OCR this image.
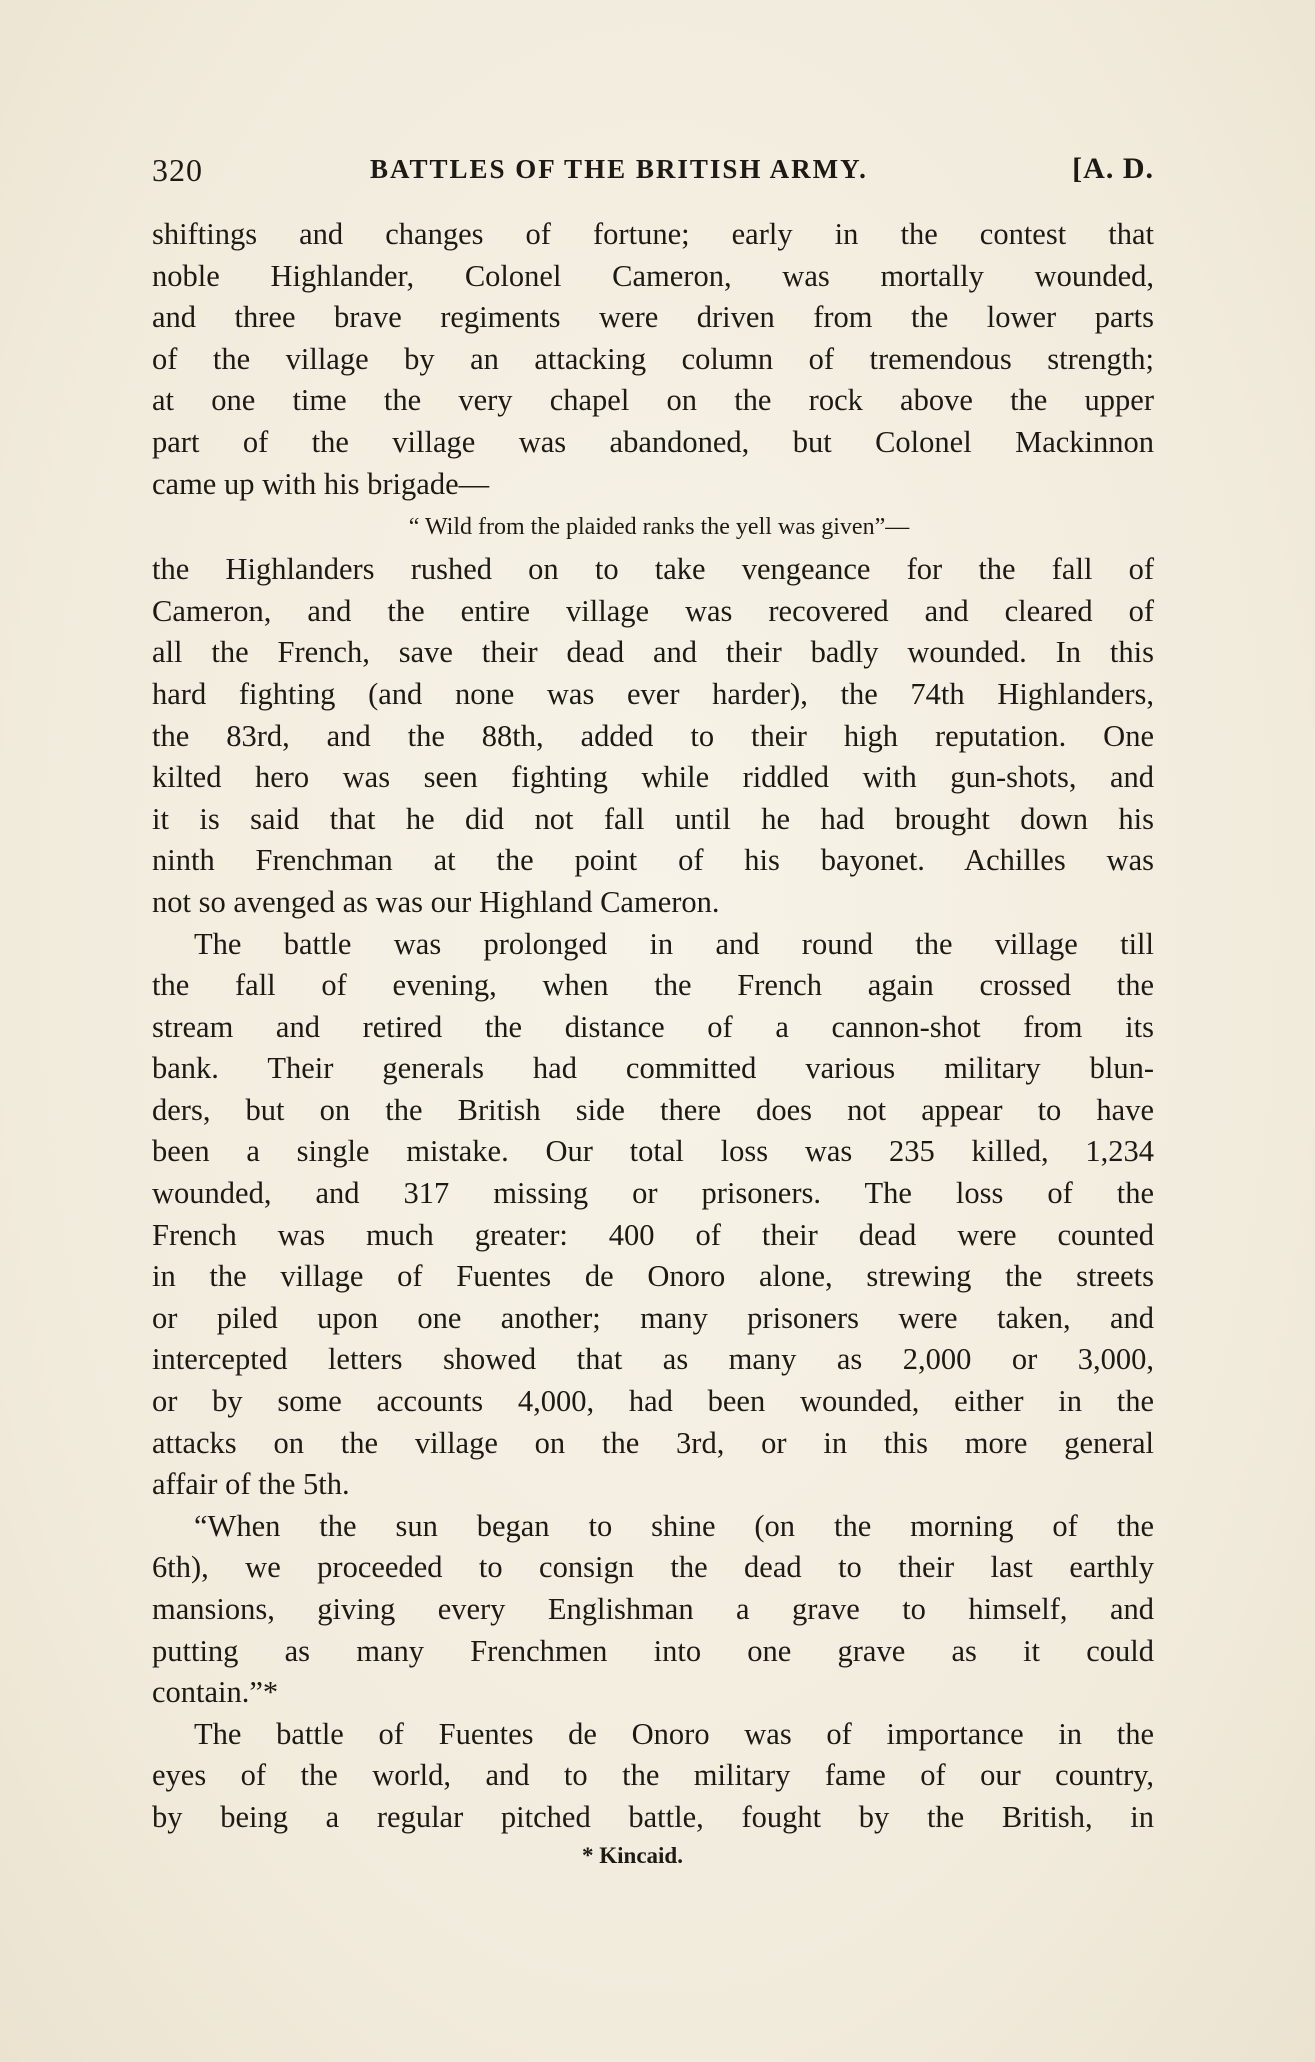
320	BATTLES OF THE BRITISH ARMY.	[A. D.
shiftings and changes of fortune; early in the contest that
noble Highlander, Colonel Cameron, was mortally wounded,
and three brave regiments were driven from the lower parts
of the village by an attacking column of tremendous strength;
at one time the very chapel on the rock above the upper
part of the village was abandoned, but Colonel Mackinnon
came up with his brigade—
“ Wild from the plaided ranks the yell was given”—
the Highlanders rushed on to take vengeance for the fall of
Cameron, and the entire village was recovered and cleared of
all the French, save their dead and their badly wounded. In this
hard fighting (and none was ever harder), the 74th Highlanders,
the 83rd, and the 88th, added to their high reputation. One
kilted hero was seen fighting while riddled with gun-shots, and
it is said that he did not fall until he had brought down his
ninth Frenchman at the point of his bayonet. Achilles was
not so avenged as was our Highland Cameron.
The battle was prolonged in and round the village till
the fall of evening, when the French again crossed the
stream and retired the distance of a cannon-shot from its
bank. Their generals had committed various military blun-
ders, but on the British side there does not appear to have
been a single mistake. Our total loss was 235 killed, 1,234
wounded, and 317 missing or prisoners. The loss of the
French was much greater: 400 of their dead were counted
in the village of Fuentes de Onoro alone, strewing the streets
or piled upon one another; many prisoners were taken, and
intercepted letters showed that as many as 2,000 or 3,000,
or by some accounts 4,000, had been wounded, either in the
attacks on the village on the 3rd, or in this more general
affair of the 5th.
“When the sun began to shine (on the morning of the
6th), we proceeded to consign the dead to their last earthly
mansions, giving every Englishman a grave to himself, and
putting as many Frenchmen into one grave as it could
contain.”*
The battle of Fuentes de Onoro was of importance in the
eyes of the world, and to the military fame of our country,
by being a regular pitched battle, fought by the British, in
* Kincaid.
